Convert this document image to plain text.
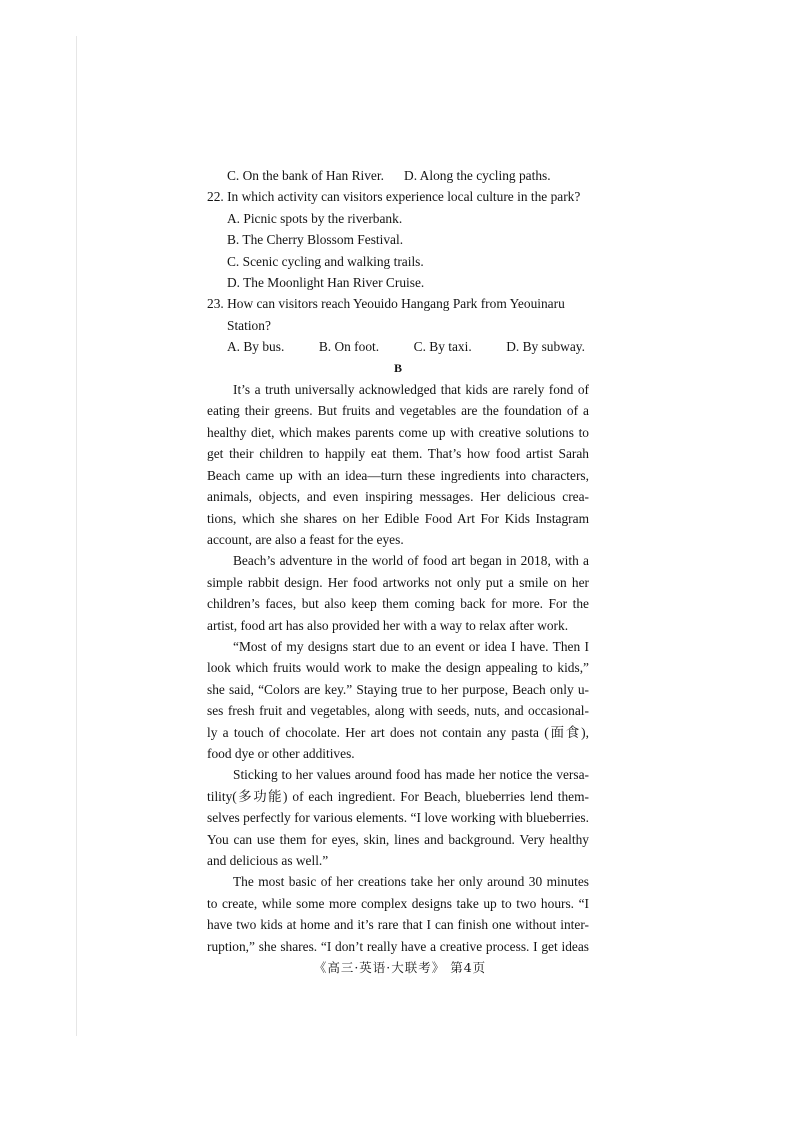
C. On the bank of Han River. D. Along the cycling paths.
22. In which activity can visitors experience local culture in the park?
A. Picnic spots by the riverbank.
B. The Cherry Blossom Festival.
C. Scenic cycling and walking trails.
D. The Moonlight Han River Cruise.
23. How can visitors reach Yeouido Hangang Park from Yeouinaru
Station?
A. By bus.	B. On foot.	C. By taxi.	D. By subway.
B
It’s a truth universally acknowledged that kids are rarely fond of
eating their greens. But fruits and vegetables are the foundation of a
healthy diet, which makes parents come up with creative solutions to
get their children to happily eat them. That’s how food artist Sarah
Beach came up with an idea—turn these ingredients into characters,
animals, objects, and even inspiring messages. Her delicious crea-
tions, which she shares on her Edible Food Art For Kids Instagram
account, are also a feast for the eyes.
Beach’s adventure in the world of food art began in 2018, with a
simple rabbit design. Her food artworks not only put a smile on her
children’s faces, but also keep them coming back for more. For the
artist, food art has also provided her with a way to relax after work.
“Most of my designs start due to an event or idea I have. Then I
look which fruits would work to make the design appealing to kids,”
she said, “Colors are key.” Staying true to her purpose, Beach only u-
ses fresh fruit and vegetables, along with seeds, nuts, and occasional-
ly a touch of chocolate. Her art does not contain any pasta (面食),
food dye or other additives.
Sticking to her values around food has made her notice the versa-
tility(多功能) of each ingredient. For Beach, blueberries lend them-
selves perfectly for various elements. “I love working with blueberries.
You can use them for eyes, skin, lines and background. Very healthy
and delicious as well.”
The most basic of her creations take her only around 30 minutes
to create, while some more complex designs take up to two hours. “I
have two kids at home and it’s rare that I can finish one without inter-
ruption,” she shares. “I don’t really have a creative process. I get ideas
《高三·英语·大联考》 第4页
